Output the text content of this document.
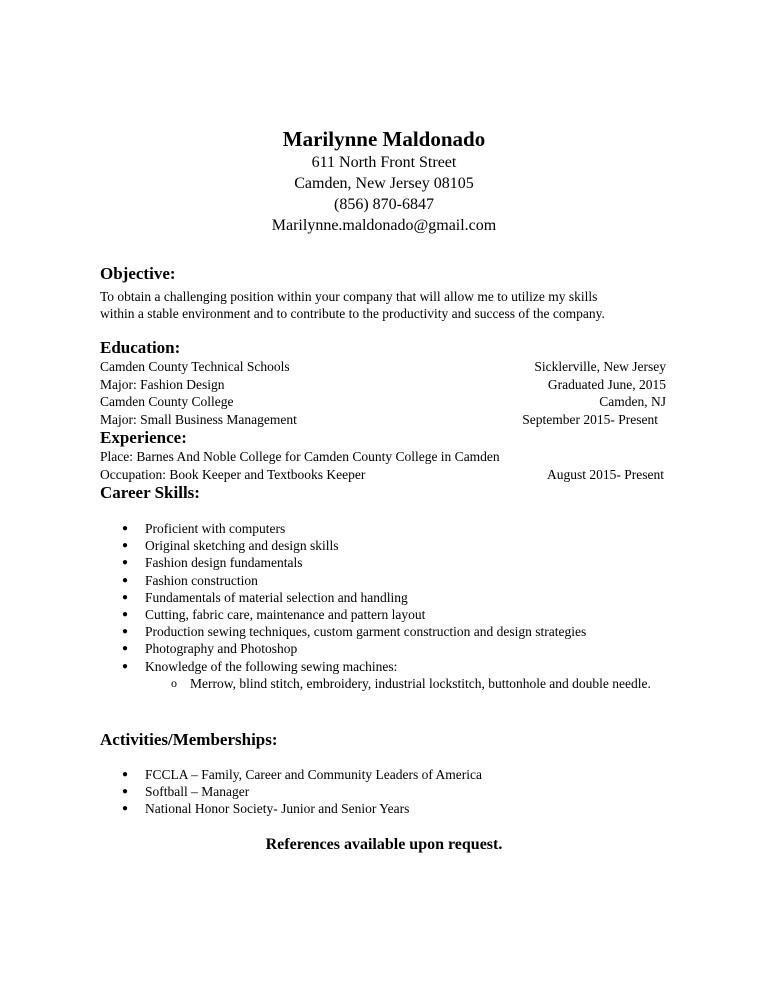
Marilynne Maldonado
611 North Front Street
Camden, New Jersey 08105
(856) 870-6847
Marilynne.maldonado@gmail.com
Objective:
To obtain a challenging position within your company that will allow me to utilize my skills
within a stable environment and to contribute to the productivity and success of the company.
Education:
Camden County Technical Schools	Sicklerville, New Jersey
Major: Fashion Design	Graduated June, 2015
Camden County College	Camden, NJ
Major: Small Business Management	September 2015- Present
Experience:
Place: Barnes And Noble College for Camden County College in Camden
Occupation: Book Keeper and Textbooks Keeper	August 2015- Present
Career Skills:
● Proficient with computers
● Original sketching and design skills
● Fashion design fundamentals
● Fashion construction
● Fundamentals of material selection and handling
● Cutting, fabric care, maintenance and pattern layout
● Production sewing techniques, custom garment construction and design strategies
● Photography and Photoshop
● Knowledge of the following sewing machines:
o Merrow, blind stitch, embroidery, industrial lockstitch, buttonhole and double needle.
Activities/Memberships:
● FCCLA – Family, Career and Community Leaders of America
● Softball – Manager
● National Honor Society- Junior and Senior Years
References available upon request.
